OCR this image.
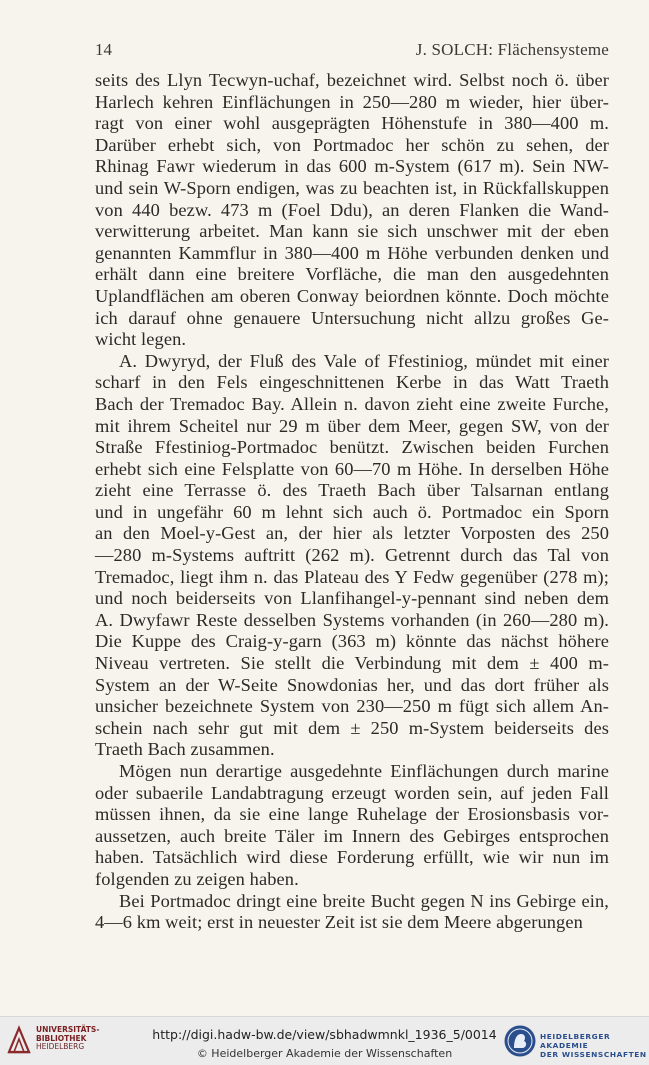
14	J. SOLCH: Flächensysteme

seits des Llyn Tecwyn-uchaf, bezeichnet wird. Selbst noch ö. über

Harlech kehren Einflächungen in 250—280 m wieder, hier über-

ragt von einer wohl ausgeprägten Höhenstufe in 380—400 m.

Darüber erhebt sich, von Portmadoc her schön zu sehen, der

Rhinag Fawr wiederum in das 600 m-System (617 m). Sein NW-

und sein W-Sporn endigen, was zu beachten ist, in Rückfallskuppen

von 440 bezw. 473 m (Foel Ddu), an deren Flanken die Wand-

verwitterung arbeitet. Man kann sie sich unschwer mit der eben

genannten Kammflur in 380—400 m Höhe verbunden denken und

erhält dann eine breitere Vorfläche, die man den ausgedehnten

Uplandflächen am oberen Conway beiordnen könnte. Doch möchte

ich darauf ohne genauere Untersuchung nicht allzu großes Ge-

wicht legen.

A. Dwyryd, der Fluß des Vale of Ffestiniog, mündet mit einer

scharf in den Fels eingeschnittenen Kerbe in das Watt Traeth

Bach der Tremadoc Bay. Allein n. davon zieht eine zweite Furche,

mit ihrem Scheitel nur 29 m über dem Meer, gegen SW, von der

Straße Ffestiniog-Portmadoc benützt. Zwischen beiden Furchen

erhebt sich eine Felsplatte von 60—70 m Höhe. In derselben Höhe

zieht eine Terrasse ö. des Traeth Bach über Talsarnan entlang

und in ungefähr 60 m lehnt sich auch ö. Portmadoc ein Sporn

an den Moel-y-Gest an, der hier als letzter Vorposten des 250

—280 m-Systems auftritt (262 m). Getrennt durch das Tal von

Tremadoc, liegt ihm n. das Plateau des Y Fedw gegenüber (278 m);

und noch beiderseits von Llanfihangel-y-pennant sind neben dem

A. Dwyfawr Reste desselben Systems vorhanden (in 260—280 m).

Die Kuppe des Craig-y-garn (363 m) könnte das nächst höhere

Niveau vertreten. Sie stellt die Verbindung mit dem ± 400 m-

System an der W-Seite Snowdonias her, und das dort früher als

unsicher bezeichnete System von 230—250 m fügt sich allem An-

schein nach sehr gut mit dem ± 250 m-System beiderseits des

Traeth Bach zusammen.

Mögen nun derartige ausgedehnte Einflächungen durch marine

oder subaerile Landabtragung erzeugt worden sein, auf jeden Fall

müssen ihnen, da sie eine lange Ruhelage der Erosionsbasis vor-

aussetzen, auch breite Täler im Innern des Gebirges entsprochen

haben. Tatsächlich wird diese Forderung erfüllt, wie wir nun im

folgenden zu zeigen haben.

Bei Portmadoc dringt eine breite Bucht gegen N ins Gebirge ein,

4—6 km weit; erst in neuester Zeit ist sie dem Meere abgerungen

UNIVERSITÄTS-
BIBLIOTHEK
HEIDELBERG
http://digi.hadw-bw.de/view/sbhadwmnkl_1936_5/0014
© Heidelberger Akademie der Wissenschaften
HEIDELBERGER AKADEMIE
DER WISSENSCHAFTEN
